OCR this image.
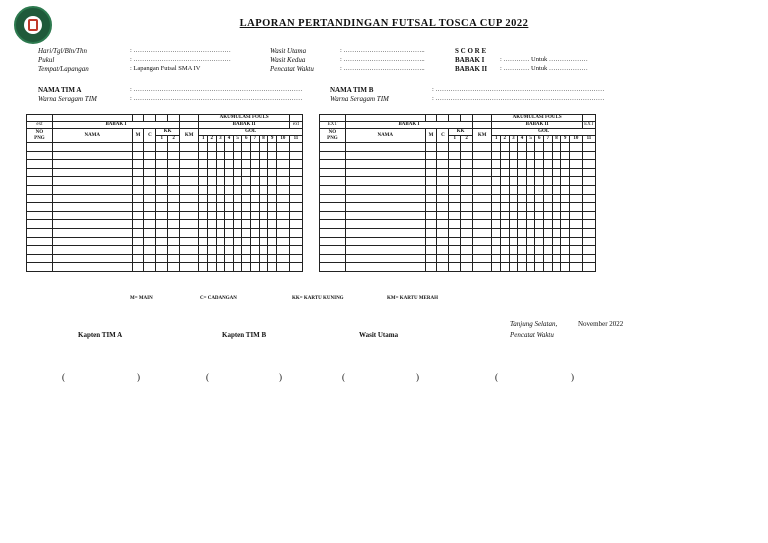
LAPORAN PERTANDINGAN FUTSAL TOSCA CUP 2022
Hari/Tgl/Bln/Thn	: ………………………………………
Pukul	: ………………………………………
Tempat/Lapangan	: Lapangan Futsal SMA IV
Wasit Utama	: ………………………………..
Wasit Kedua	: ………………………………..
Pencatat Waktu	: ………………………………..
S C O R E
BABAK I : ………… Untuk ………………
BABAK II : ………… Untuk ………………
NAMA TIM A	: ……………………………………………………………………
Warna Seragam TIM	: ……………………………………………………………………
NAMA TIM B	: ……………………………………………………………………
Warna Seragam TIM	: ……………………………………………………………………
							AKUMULASI FOULS										
ext	BABAK I						BABAK II										ext

NO
PNG	NAMA	M	C	KK		KM	GOL										
				1	2		1	2	3	4	5	6	7	8	9	10	11

							AKUMULASI FOULS										
EXT	BABAK I						BABAK II										EXT

NO
PNG	NAMA	M	C	KK		KM	GOL										
				1	2		1	2	3	4	5	6	7	8	9	10	11

M= MAIN	C= CADANGAN	KK= KARTU KUNING	KM= KARTU MERAH
Tanjung Selatan,	November 2022
Kapten TIM A	Kapten TIM B	Wasit Utama	Pencatat Waktu
(	)	(	)	(	)	(	)
